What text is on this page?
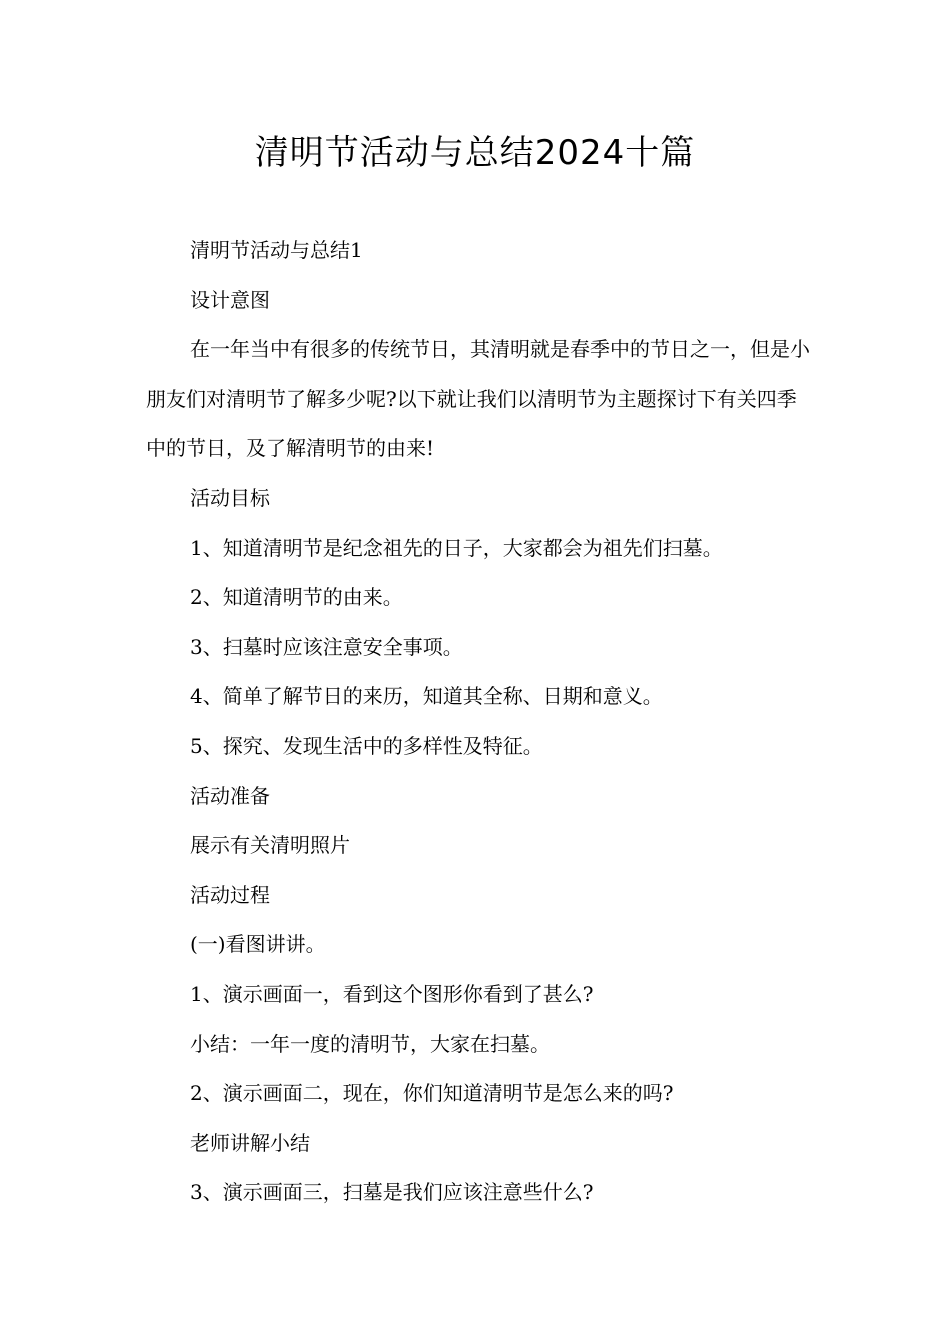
清明节活动与总结2024十篇

清明节活动与总结1

设计意图

在一年当中有很多的传统节日，其清明就是春季中的节日之一，但是小朋友们对清明节了解多少呢?以下就让我们以清明节为主题探讨下有关四季中的节日，及了解清明节的由来!

活动目标

1、知道清明节是纪念祖先的日子，大家都会为祖先们扫墓。

2、知道清明节的由来。

3、扫墓时应该注意安全事项。

4、简单了解节日的来历，知道其全称、日期和意义。

5、探究、发现生活中的多样性及特征。

活动准备

展示有关清明照片

活动过程

(一)看图讲讲。

1、演示画面一，看到这个图形你看到了甚么?

小结：一年一度的清明节，大家在扫墓。

2、演示画面二，现在，你们知道清明节是怎么来的吗?

老师讲解小结

3、演示画面三，扫墓是我们应该注意些什么?
